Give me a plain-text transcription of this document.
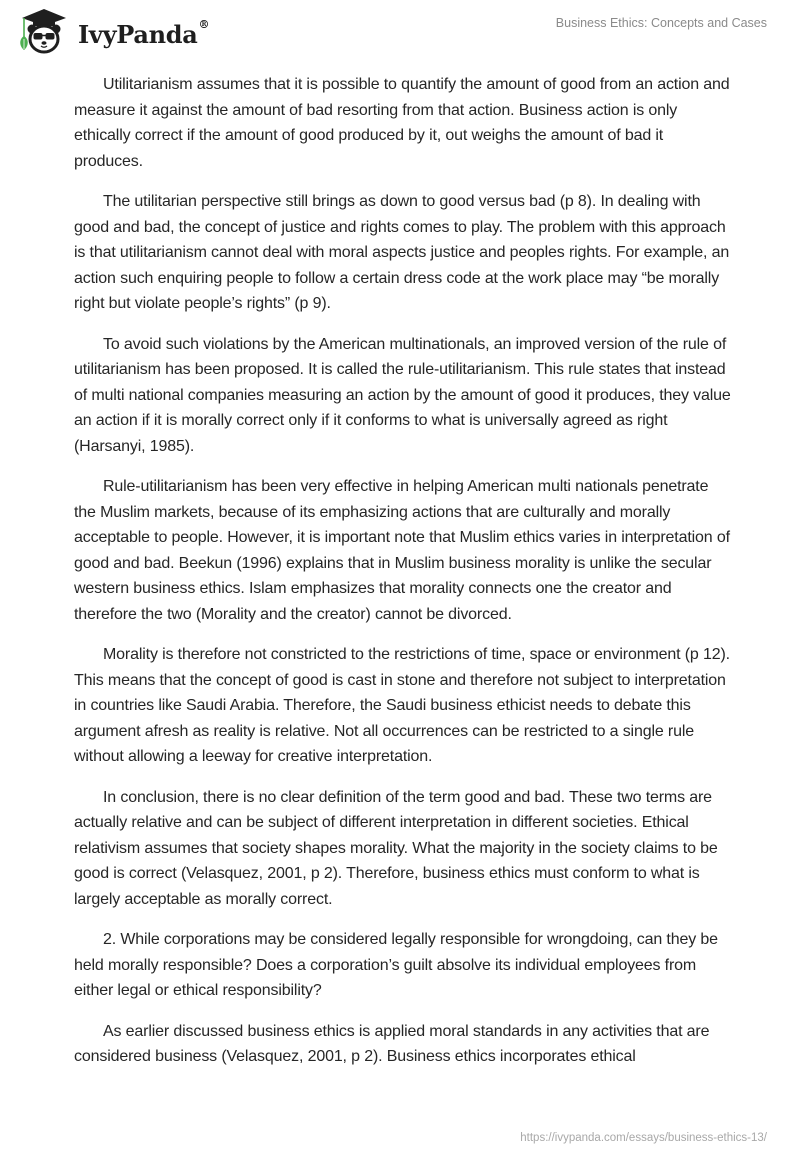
IvyPanda®	Business Ethics: Concepts and Cases

Utilitarianism assumes that it is possible to quantify the amount of good from an action and measure it against the amount of bad resorting from that action. Business action is only ethically correct if the amount of good produced by it, out weighs the amount of bad it produces.

The utilitarian perspective still brings as down to good versus bad (p 8). In dealing with good and bad, the concept of justice and rights comes to play. The problem with this approach is that utilitarianism cannot deal with moral aspects justice and peoples rights. For example, an action such enquiring people to follow a certain dress code at the work place may “be morally right but violate people’s rights” (p 9).

To avoid such violations by the American multinationals, an improved version of the rule of utilitarianism has been proposed. It is called the rule-utilitarianism. This rule states that instead of multi national companies measuring an action by the amount of good it produces, they value an action if it is morally correct only if it conforms to what is universally agreed as right (Harsanyi, 1985).

Rule-utilitarianism has been very effective in helping American multi nationals penetrate the Muslim markets, because of its emphasizing actions that are culturally and morally acceptable to people. However, it is important note that Muslim ethics varies in interpretation of good and bad. Beekun (1996) explains that in Muslim business morality is unlike the secular western business ethics. Islam emphasizes that morality connects one the creator and therefore the two (Morality and the creator) cannot be divorced.

Morality is therefore not constricted to the restrictions of time, space or environment (p 12). This means that the concept of good is cast in stone and therefore not subject to interpretation in countries like Saudi Arabia. Therefore, the Saudi business ethicist needs to debate this argument afresh as reality is relative. Not all occurrences can be restricted to a single rule without allowing a leeway for creative interpretation.

In conclusion, there is no clear definition of the term good and bad. These two terms are actually relative and can be subject of different interpretation in different societies. Ethical relativism assumes that society shapes morality. What the majority in the society claims to be good is correct (Velasquez, 2001, p 2). Therefore, business ethics must conform to what is largely acceptable as morally correct.

2. While corporations may be considered legally responsible for wrongdoing, can they be held morally responsible? Does a corporation’s guilt absolve its individual employees from either legal or ethical responsibility?

As earlier discussed business ethics is applied moral standards in any activities that are considered business (Velasquez, 2001, p 2). Business ethics incorporates ethical

https://ivypanda.com/essays/business-ethics-13/
